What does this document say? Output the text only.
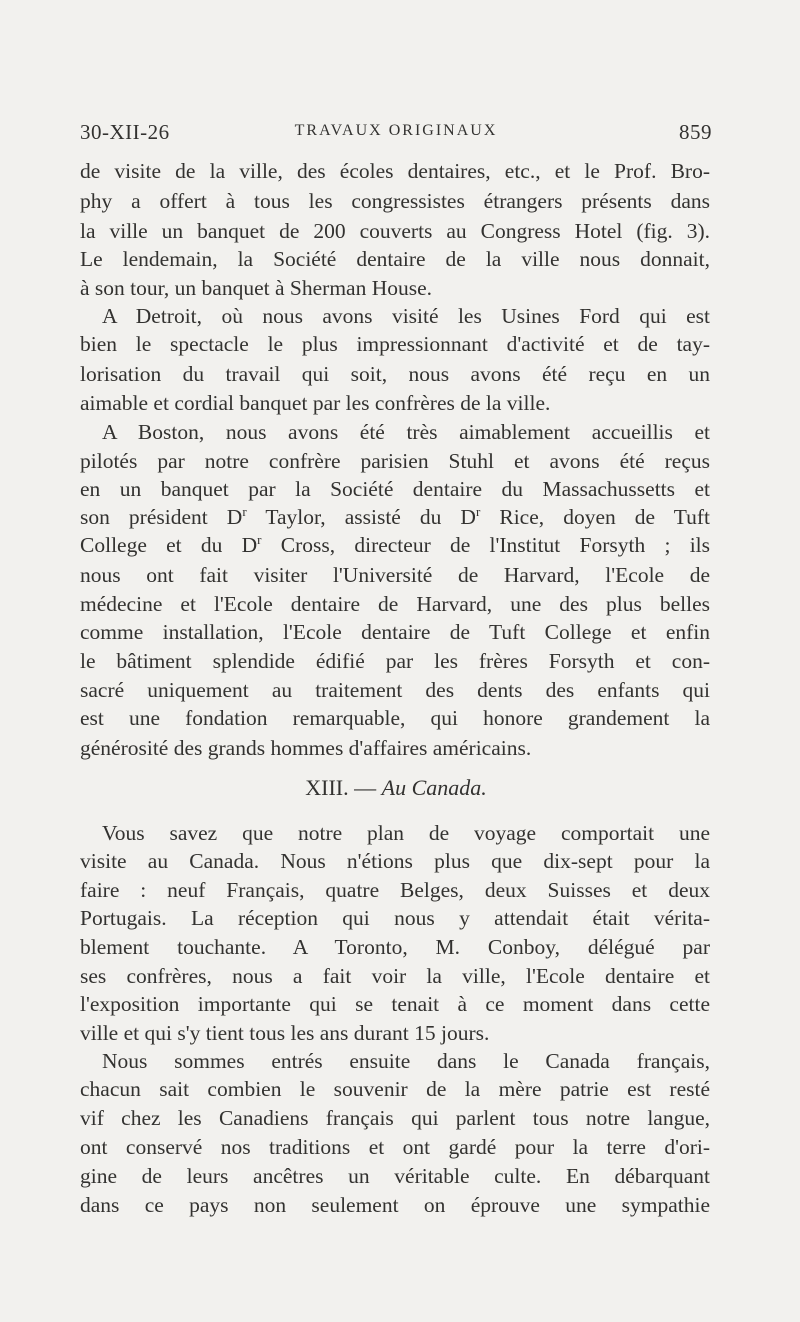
30-XII-26	TRAVAUX ORIGINAUX	859
de visite de la ville, des écoles dentaires, etc., et le Prof. Bro-
phy a offert à tous les congressistes étrangers présents dans
la ville un banquet de 200 couverts au Congress Hotel (fig. 3).
Le lendemain, la Société dentaire de la ville nous donnait,
à son tour, un banquet à Sherman House.
A Detroit, où nous avons visité les Usines Ford qui est
bien le spectacle le plus impressionnant d'activité et de tay-
lorisation du travail qui soit, nous avons été reçu en un
aimable et cordial banquet par les confrères de la ville.
A Boston, nous avons été très aimablement accueillis et
pilotés par notre confrère parisien Stuhl et avons été reçus
en un banquet par la Société dentaire du Massachussetts et
son président $D^r$ Taylor, assisté du $D^r$ Rice, doyen de Tuft
College et du $D^r$ Cross, directeur de l'Institut Forsyth ; ils
nous ont fait visiter l'Université de Harvard, l'Ecole de
médecine et l'Ecole dentaire de Harvard, une des plus belles
comme installation, l'Ecole dentaire de Tuft College et enfin
le bâtiment splendide édifié par les frères Forsyth et con-
sacré uniquement au traitement des dents des enfants qui
est une fondation remarquable, qui honore grandement la
générosité des grands hommes d'affaires américains.
XIII. — Au Canada.
Vous savez que notre plan de voyage comportait une
visite au Canada. Nous n'étions plus que dix-sept pour la
faire : neuf Français, quatre Belges, deux Suisses et deux
Portugais. La réception qui nous y attendait était vérita-
blement touchante. A Toronto, M. Conboy, délégué par
ses confrères, nous a fait voir la ville, l'Ecole dentaire et
l'exposition importante qui se tenait à ce moment dans cette
ville et qui s'y tient tous les ans durant 15 jours.
Nous sommes entrés ensuite dans le Canada français,
chacun sait combien le souvenir de la mère patrie est resté
vif chez les Canadiens français qui parlent tous notre langue,
ont conservé nos traditions et ont gardé pour la terre d'ori-
gine de leurs ancêtres un véritable culte. En débarquant
dans ce pays non seulement on éprouve une sympathie
